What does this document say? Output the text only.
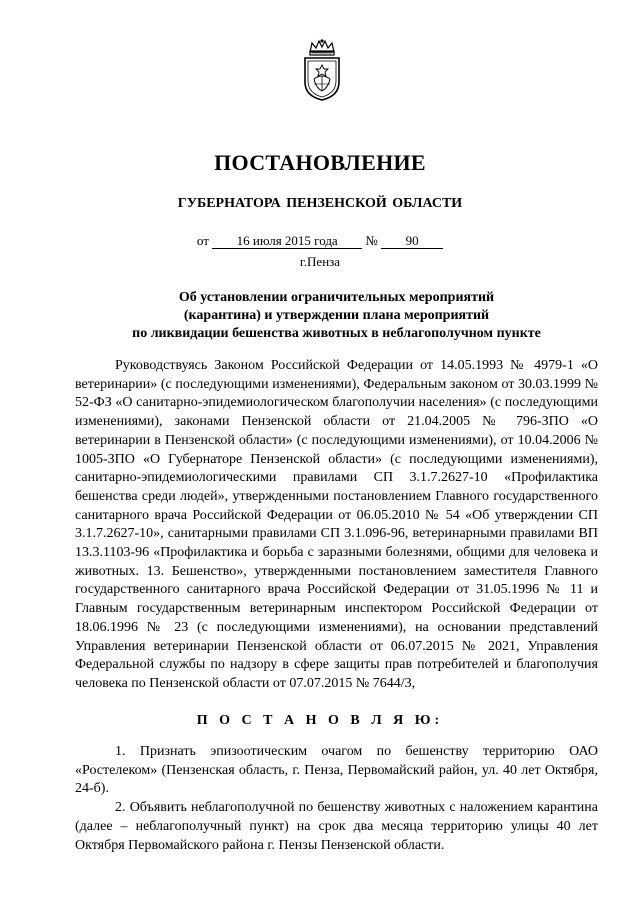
ПОСТАНОВЛЕНИЕ
ГУБЕРНАТОРА ПЕНЗЕНСКОЙ ОБЛАСТИ
от 16 июля 2015 года № 90
г.Пенза
Об установлении ограничительных мероприятий
(карантина) и утверждении плана мероприятий
по ликвидации бешенства животных в неблагополучном пункте

Руководствуясь Законом Российской Федерации от 14.05.1993 № 4979-1 «О ветеринарии» (с последующими изменениями), Федеральным законом от 30.03.1999 № 52-ФЗ «О санитарно-эпидемиологическом благополучии населения» (с последующими изменениями), законами Пензенской области от 21.04.2005 № 796-ЗПО «О ветеринарии в Пензенской области» (с последующими изменениями), от 10.04.2006 № 1005-ЗПО «О Губернаторе Пензенской области» (с последующими изменениями), санитарно-эпидемиологическими правилами СП 3.1.7.2627-10 «Профилактика бешенства среди людей», утвержденными постановлением Главного государственного санитарного врача Российской Федерации от 06.05.2010 № 54 «Об утверждении СП 3.1.7.2627-10», санитарными правилами СП 3.1.096-96, ветеринарными правилами ВП 13.3.1103-96 «Профилактика и борьба с заразными болезнями, общими для человека и животных. 13. Бешенство», утвержденными постановлением заместителя Главного государственного санитарного врача Российской Федерации от 31.05.1996 № 11 и Главным государственным ветеринарным инспектором Российской Федерации от 18.06.1996 № 23 (с последующими изменениями), на основании представлений Управления ветеринарии Пензенской области от 06.07.2015 № 2021, Управления Федеральной службы по надзору в сфере защиты прав потребителей и благополучия человека по Пензенской области от 07.07.2015 № 7644/3,

П О С Т А Н О В Л Я Ю:

1. Признать эпизоотическим очагом по бешенству территорию ОАО «Ростелеком» (Пензенская область, г. Пенза, Первомайский район, ул. 40 лет Октября, 24-б).

2. Объявить неблагополучной по бешенству животных с наложением карантина (далее – неблагополучный пункт) на срок два месяца территорию улицы 40 лет Октября Первомайского района г. Пензы Пензенской области.
